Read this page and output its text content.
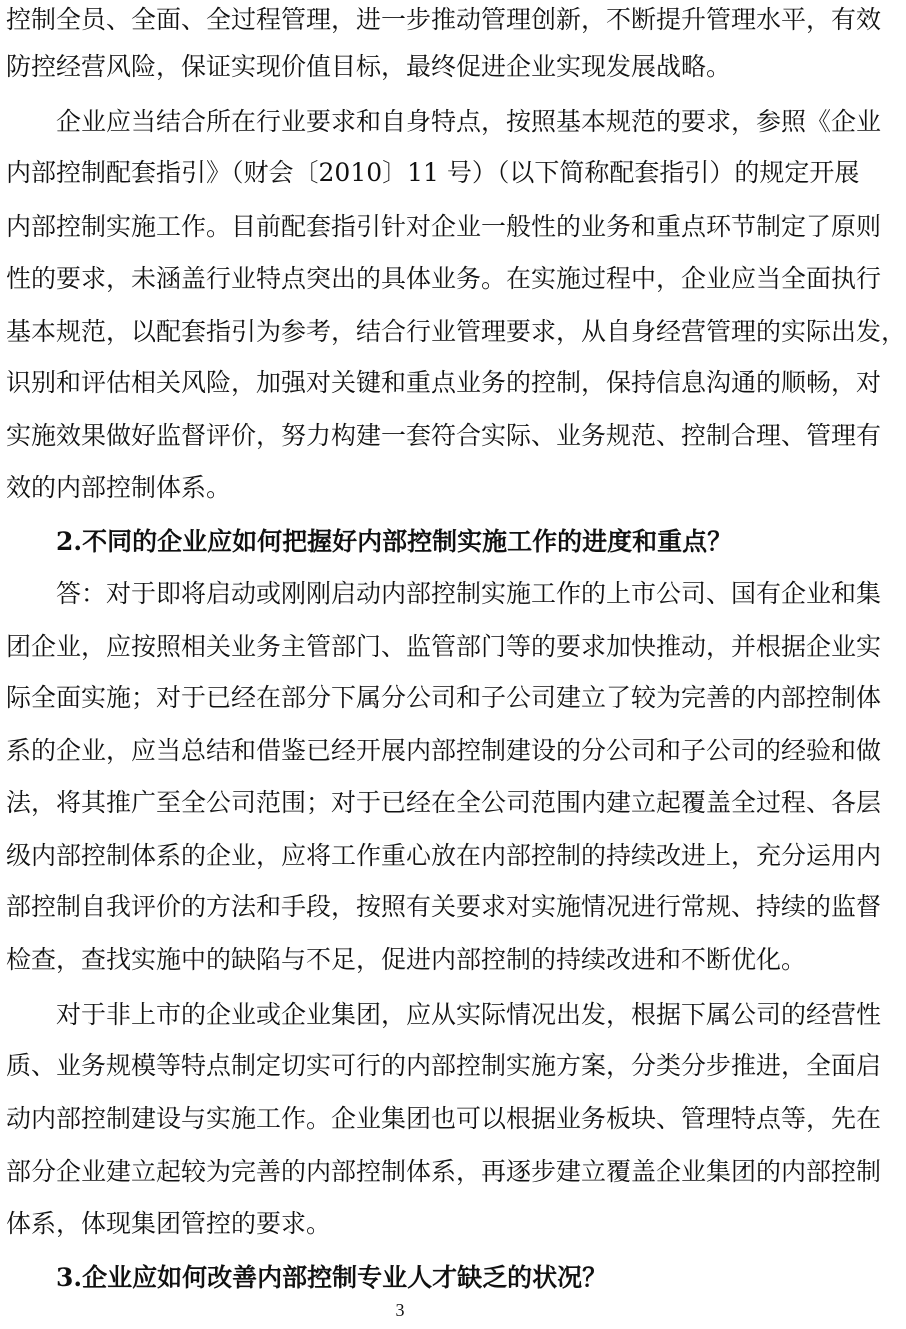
控制全员、全面、全过程管理，进一步推动管理创新，不断提升管理水平，有效
防控经营风险，保证实现价值目标，最终促进企业实现发展战略。
企业应当结合所在行业要求和自身特点，按照基本规范的要求，参照《企业
内部控制配套指引》（财会〔2010〕11 号）（以下简称配套指引）的规定开展
内部控制实施工作。目前配套指引针对企业一般性的业务和重点环节制定了原则
性的要求，未涵盖行业特点突出的具体业务。在实施过程中，企业应当全面执行
基本规范，以配套指引为参考，结合行业管理要求，从自身经营管理的实际出发，
识别和评估相关风险，加强对关键和重点业务的控制，保持信息沟通的顺畅，对
实施效果做好监督评价，努力构建一套符合实际、业务规范、控制合理、管理有
效的内部控制体系。
2.不同的企业应如何把握好内部控制实施工作的进度和重点？
答：对于即将启动或刚刚启动内部控制实施工作的上市公司、国有企业和集
团企业，应按照相关业务主管部门、监管部门等的要求加快推动，并根据企业实
际全面实施；对于已经在部分下属分公司和子公司建立了较为完善的内部控制体
系的企业，应当总结和借鉴已经开展内部控制建设的分公司和子公司的经验和做
法，将其推广至全公司范围；对于已经在全公司范围内建立起覆盖全过程、各层
级内部控制体系的企业，应将工作重心放在内部控制的持续改进上，充分运用内
部控制自我评价的方法和手段，按照有关要求对实施情况进行常规、持续的监督
检查，查找实施中的缺陷与不足，促进内部控制的持续改进和不断优化。
对于非上市的企业或企业集团，应从实际情况出发，根据下属公司的经营性
质、业务规模等特点制定切实可行的内部控制实施方案，分类分步推进，全面启
动内部控制建设与实施工作。企业集团也可以根据业务板块、管理特点等，先在
部分企业建立起较为完善的内部控制体系，再逐步建立覆盖企业集团的内部控制
体系，体现集团管控的要求。
3.企业应如何改善内部控制专业人才缺乏的状况？
3
